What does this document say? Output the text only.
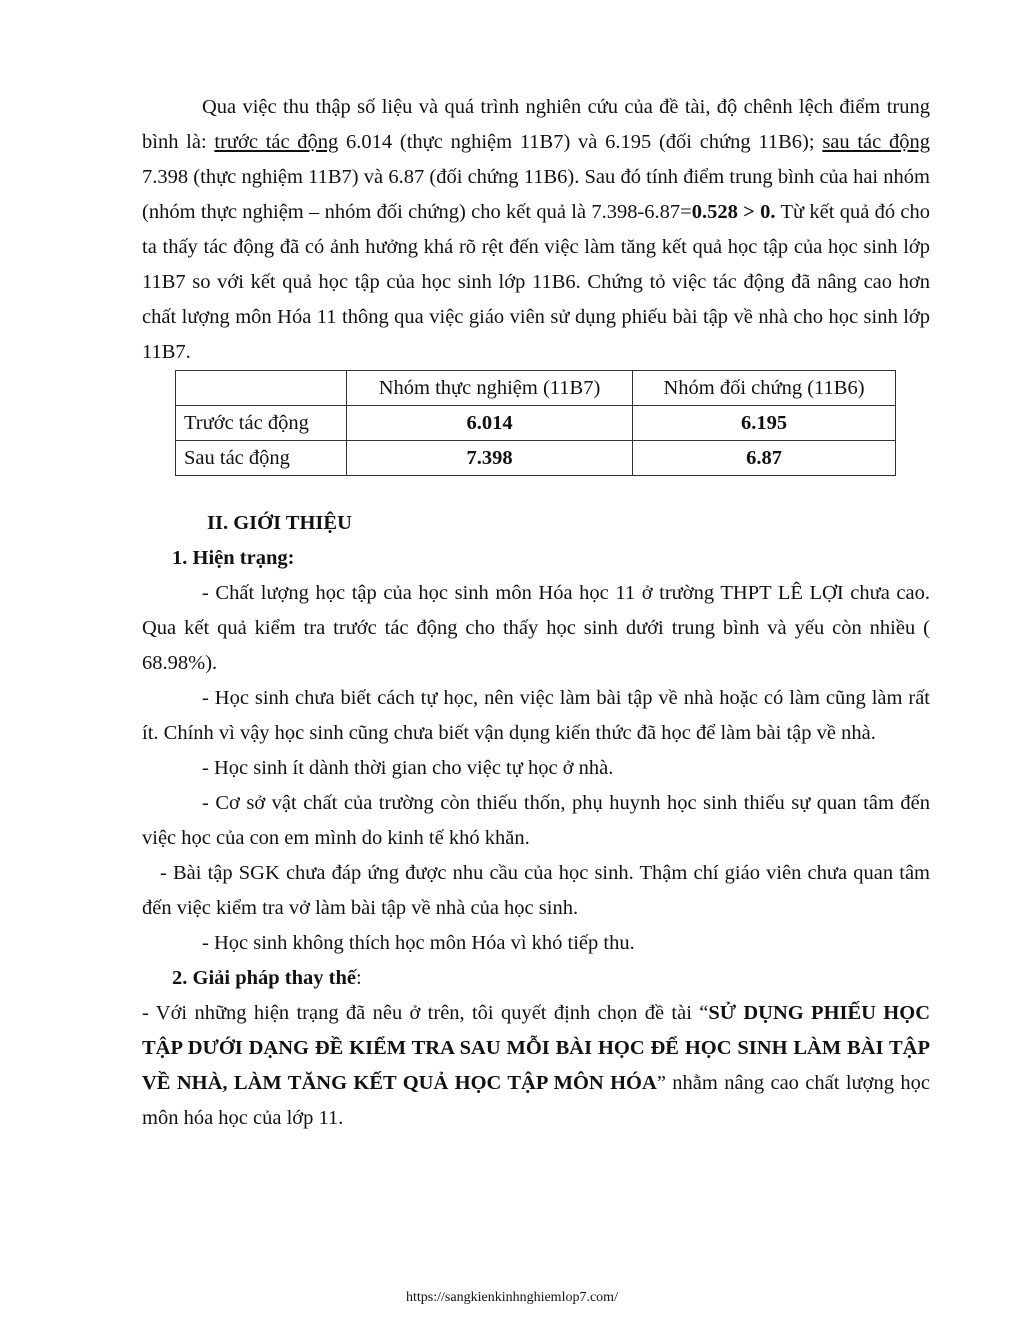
Qua việc thu thập số liệu và quá trình nghiên cứu của đề tài, độ chênh lệch điểm trung bình là: trước tác động 6.014 (thực nghiệm 11B7) và 6.195 (đối chứng 11B6); sau tác động 7.398 (thực nghiệm 11B7) và 6.87 (đối chứng 11B6). Sau đó tính điểm trung bình của hai nhóm (nhóm thực nghiệm – nhóm đối chứng) cho kết quả là 7.398-6.87=0.528 > 0. Từ kết quả đó cho ta thấy tác động đã có ảnh hưởng khá rõ rệt đến việc làm tăng kết quả học tập của học sinh lớp 11B7 so với kết quả học tập của học sinh lớp 11B6. Chứng tỏ việc tác động đã nâng cao hơn chất lượng môn Hóa 11 thông qua việc giáo viên sử dụng phiếu bài tập về nhà cho học sinh lớp 11B7.

	Nhóm thực nghiệm (11B7)	Nhóm đối chứng (11B6)
Trước tác động	6.014	6.195
Sau tác động	7.398	6.87
II. GIỚI THIỆU
1. Hiện trạng:

- Chất lượng học tập của học sinh môn Hóa học 11 ở trường THPT LÊ LỢI chưa cao. Qua kết quả kiểm tra trước tác động cho thấy học sinh dưới trung bình và yếu còn nhiều ( 68.98%).

- Học sinh chưa biết cách tự học, nên việc làm bài tập về nhà hoặc có làm cũng làm rất ít. Chính vì vậy học sinh cũng chưa biết vận dụng kiến thức đã học để làm bài tập về nhà.

- Học sinh ít dành thời gian cho việc tự học ở nhà.

- Cơ sở vật chất của trường còn thiếu thốn, phụ huynh học sinh thiếu sự quan tâm đến việc học của con em mình do kinh tế khó khăn.

- Bài tập SGK chưa đáp ứng được nhu cầu của học sinh. Thậm chí giáo viên chưa quan tâm đến việc kiểm tra vở làm bài tập về nhà của học sinh.

- Học sinh không thích học môn Hóa vì khó tiếp thu.

2. Giải pháp thay thế:

- Với những hiện trạng đã nêu ở trên, tôi quyết định chọn đề tài “SỬ DỤNG PHIẾU HỌC TẬP DƯỚI DẠNG ĐỀ KIỂM TRA SAU MỖI BÀI HỌC ĐỂ HỌC SINH LÀM BÀI TẬP VỀ NHÀ, LÀM TĂNG KẾT QUẢ HỌC TẬP MÔN HÓA” nhằm nâng cao chất lượng học môn hóa học của lớp 11.

https://sangkienkinhnghiemlop7.com/
